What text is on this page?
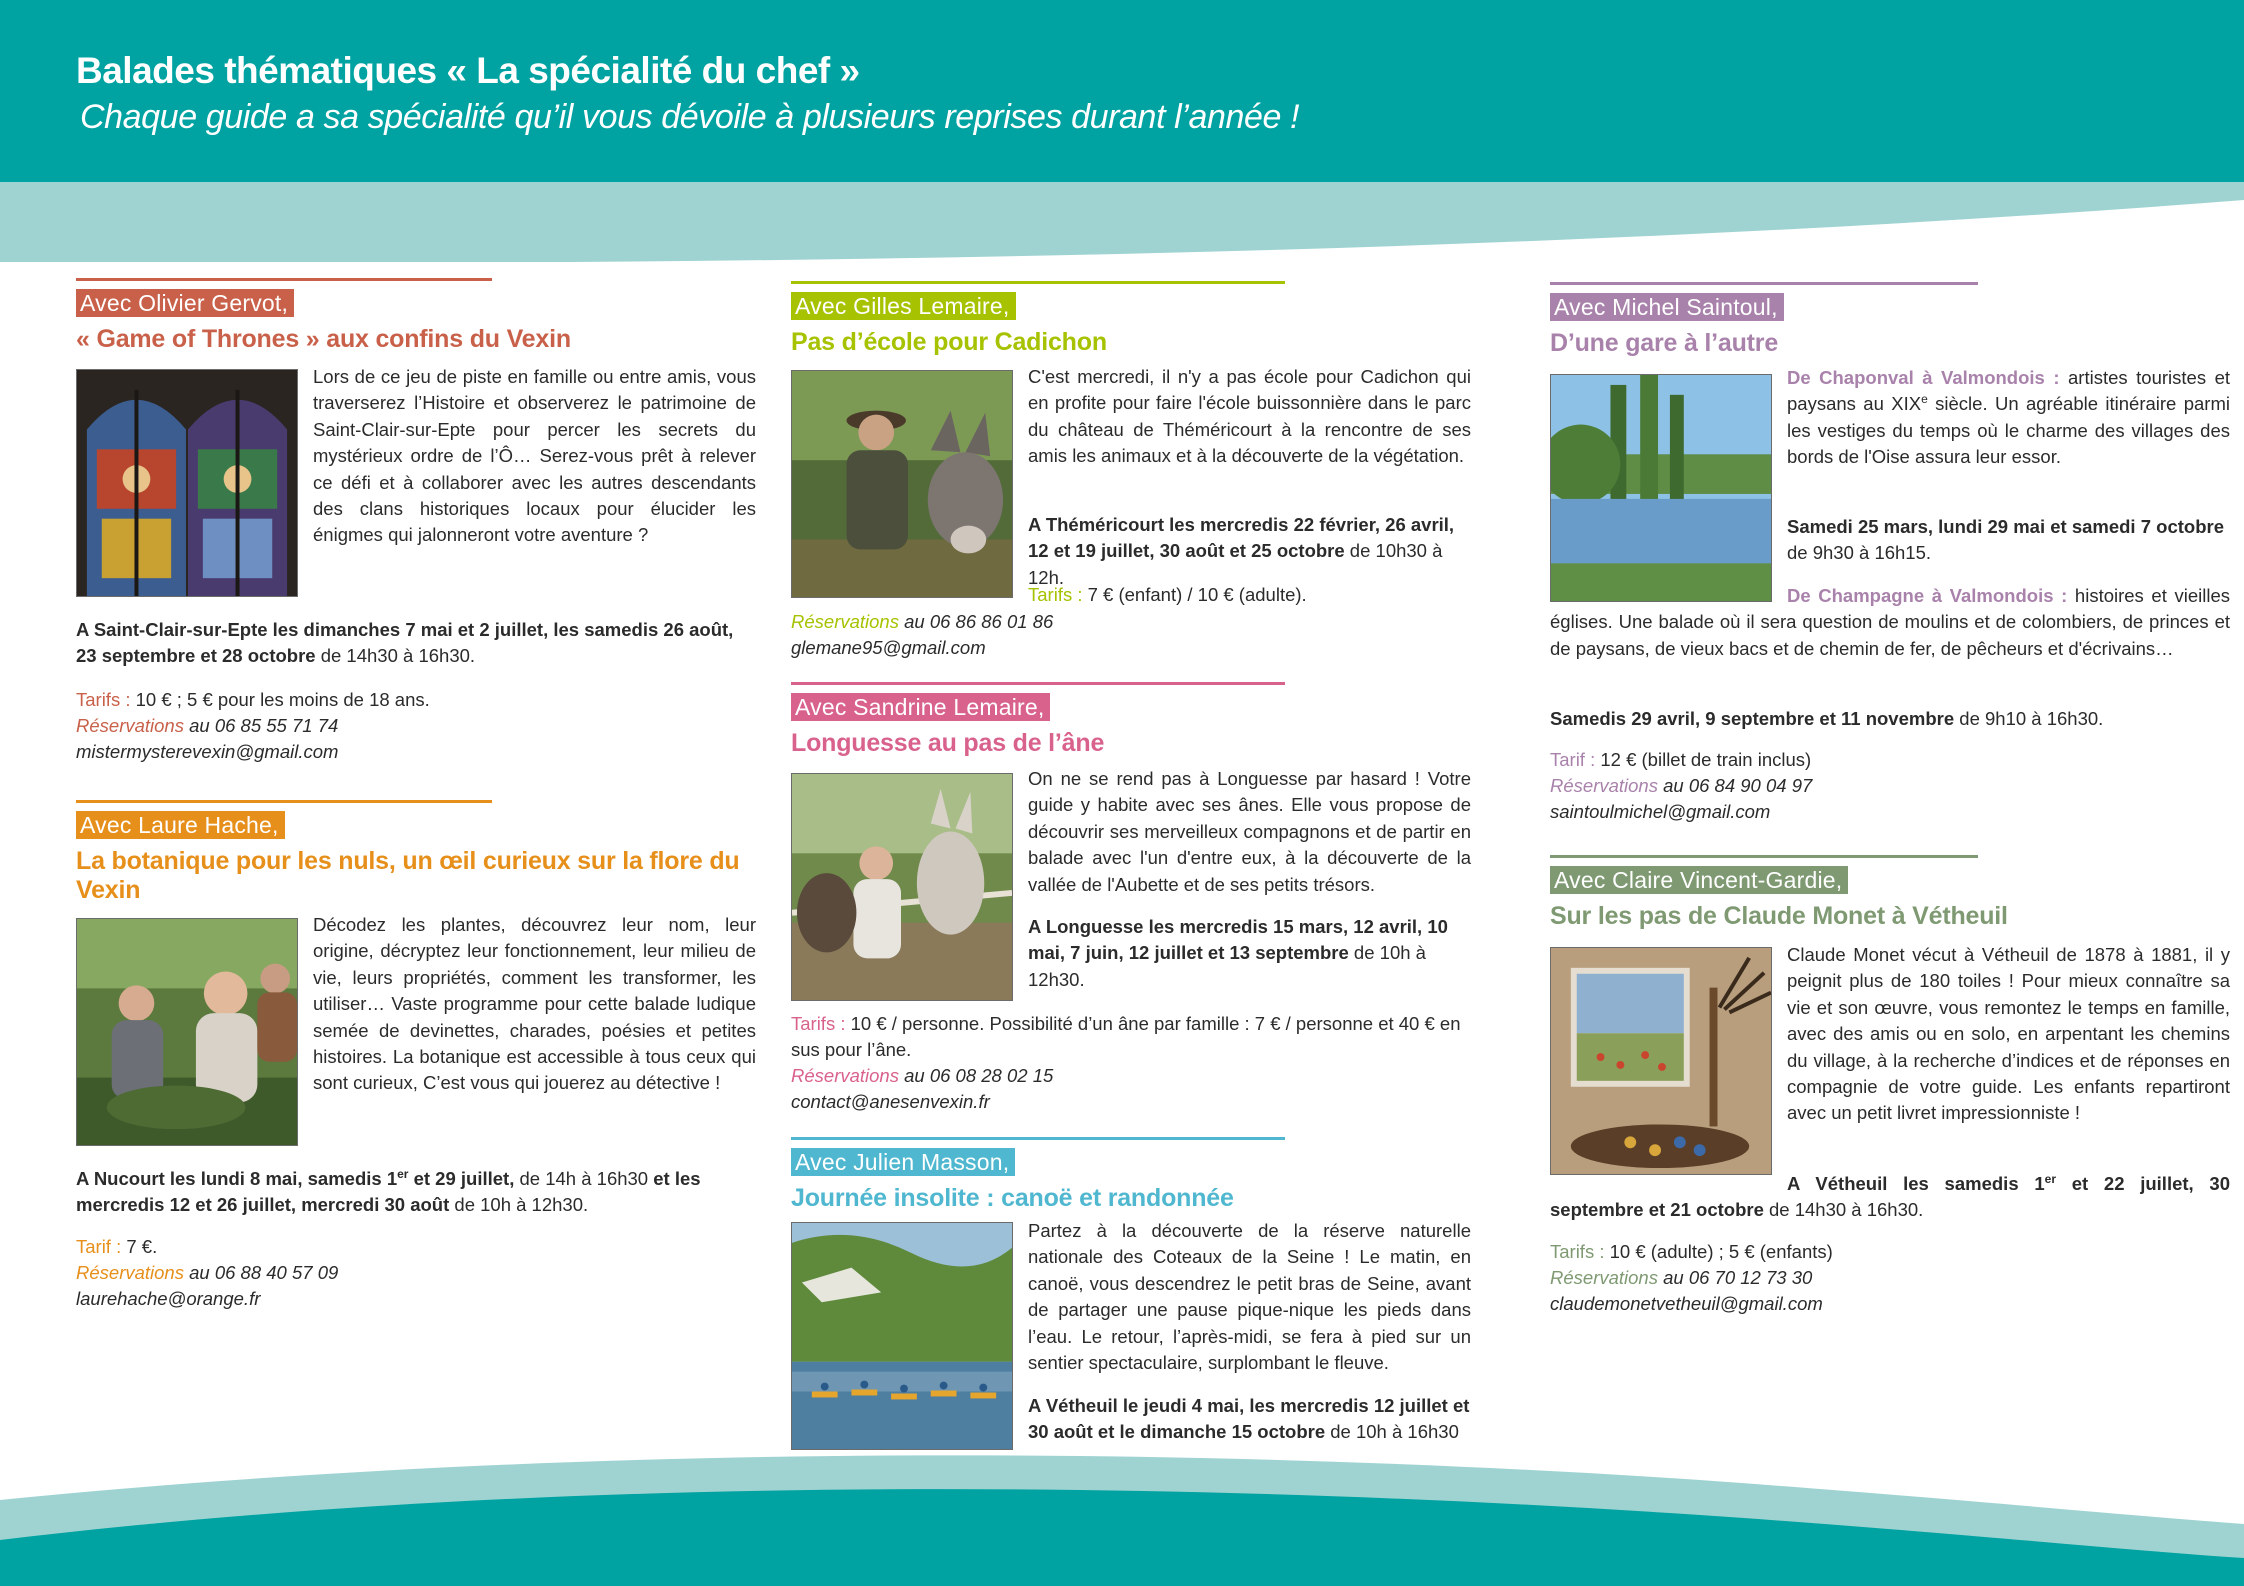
Balades thématiques « La spécialité du chef »

Chaque guide a sa spécialité qu’il vous dévoile à plusieurs reprises durant l’année !

Avec Olivier Gervot,
« Game of Thrones » aux confins du Vexin

Lors de ce jeu de piste en famille ou entre amis, vous traverserez l’Histoire et observerez le patrimoine de Saint-Clair-sur-Epte pour percer les secrets du mystérieux ordre de l’Ô… Serez-vous prêt à relever ce défi et à collaborer avec les autres descendants des clans historiques locaux pour élucider les énigmes qui jalonneront votre aventure ?

A Saint-Clair-sur-Epte les dimanches 7 mai et 2 juillet, les samedis 26 août, 23 septembre et 28 octobre de 14h30 à 16h30.

Tarifs : 10 € ; 5 € pour les moins de 18 ans.

Réservations au 06 85 55 71 74

mistermysterevexin@gmail.com

Avec Laure Hache,
La botanique pour les nuls, un œil curieux sur la flore du Vexin

Décodez les plantes, découvrez leur nom, leur origine, décryptez leur fonctionnement, leur milieu de vie, leurs propriétés, comment les transformer, les utiliser… Vaste programme pour cette balade ludique semée de devinettes, charades, poésies et petites histoires. La botanique est accessible à tous ceux qui sont curieux, C’est vous qui jouerez au détective !

A Nucourt les lundi 8 mai, samedis 1er et 29 juillet, de 14h à 16h30 et les mercredis 12 et 26 juillet, mercredi 30 août de 10h à 12h30.

Tarif : 7 €.

Réservations au 06 88 40 57 09

laurehache@orange.fr

Avec Gilles Lemaire,
Pas d’école pour Cadichon

C'est mercredi, il n'y a pas école pour Cadichon qui en profite pour faire l'école buissonnière dans le parc du château de Théméricourt à la rencontre de ses amis les animaux et à la découverte de la végétation.

A Théméricourt les mercredis 22 février, 26 avril, 12 et 19 juillet, 30 août et 25 octobre de 10h30 à 12h.

Tarifs : 7 € (enfant) / 10 € (adulte).

Réservations au 06 86 86 01 86

glemane95@gmail.com

Avec Sandrine Lemaire,
Longuesse au pas de l’âne

On ne se rend pas à Longuesse par hasard ! Votre guide y habite avec ses ânes. Elle vous propose de découvrir ses merveilleux compagnons et de partir en balade avec l'un d'entre eux, à la découverte de la vallée de l'Aubette et de ses petits trésors.

A Longuesse les mercredis 15 mars, 12 avril, 10 mai, 7 juin, 12 juillet et 13 septembre de 10h à 12h30.

Tarifs : 10 € / personne. Possibilité d’un âne par famille : 7 € / personne et 40 € en sus pour l’âne.

Réservations au 06 08 28 02 15

contact@anesenvexin.fr

Avec Julien Masson,
Journée insolite : canoë et randonnée

Partez à la découverte de la réserve naturelle nationale des Coteaux de la Seine ! Le matin, en canoë, vous descendrez le petit bras de Seine, avant de partager une pause pique-nique les pieds dans l’eau. Le retour, l’après-midi, se fera à pied sur un sentier spectaculaire, surplombant le fleuve.

A Vétheuil le jeudi 4 mai, les mercredis 12 juillet et 30 août et le dimanche 15 octobre de 10h à 16h30

Avec Michel Saintoul,
D’une gare à l’autre

De Chaponval à Valmondois : artistes touristes et paysans au XIXe siècle. Un agréable itinéraire parmi les vestiges du temps où le charme des villages des bords de l'Oise assura leur essor.

Samedi 25 mars, lundi 29 mai et samedi 7 octobre de 9h30 à 16h15.

De Champagne à Valmondois : histoires et vieilles églises. Une balade où il sera question de moulins et de colombiers, de princes et de paysans, de vieux bacs et de chemin de fer, de pêcheurs et d'écrivains…

Samedis 29 avril, 9 septembre et 11 novembre de 9h10 à 16h30.

Tarif : 12 € (billet de train inclus)

Réservations au 06 84 90 04 97

saintoulmichel@gmail.com

Avec Claire Vincent-Gardie,
Sur les pas de Claude Monet à Vétheuil

Claude Monet vécut à Vétheuil de 1878 à 1881, il y peignit plus de 180 toiles ! Pour mieux connaître sa vie et son œuvre, vous remontez le temps en famille, avec des amis ou en solo, en arpentant les chemins du village, à la recherche d’indices et de réponses en compagnie de votre guide. Les enfants repartiront avec un petit livret impressionniste !

A Vétheuil les samedis 1er et 22 juillet, 30 septembre et 21 octobre de 14h30 à 16h30.

Tarifs : 10 € (adulte) ; 5 € (enfants)

Réservations au 06 70 12 73 30

claudemonetvetheuil@gmail.com
